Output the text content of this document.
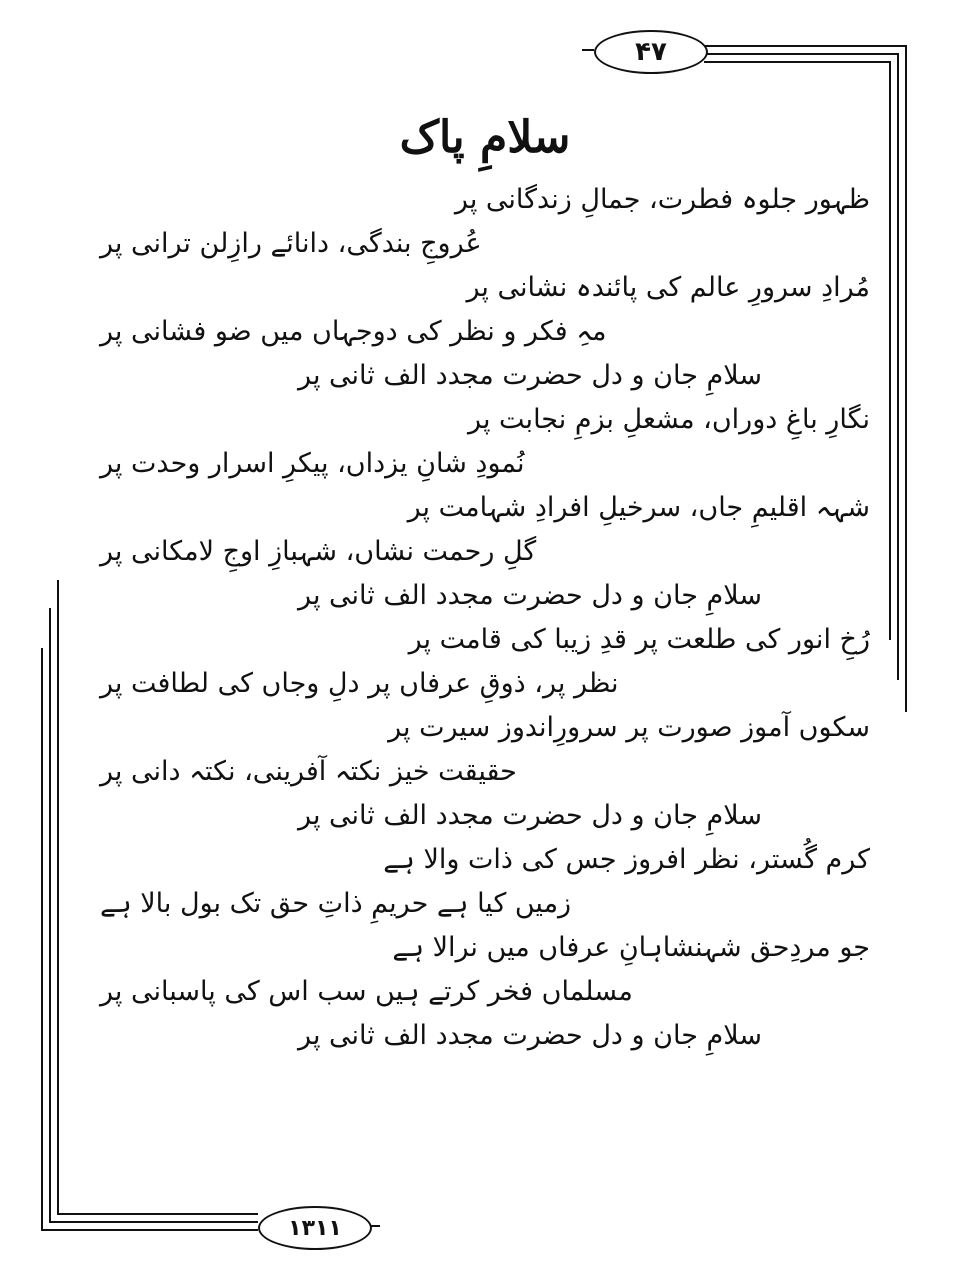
۴۷
۱۳۱۱
سلامِ پاک
ظہور جلوہ فطرت، جمالِ زندگانی پر
عُروجِ بندگی، دانائے رازِلن ترانی پر
مُرادِ سرورِ عالم کی پائندہ نشانی پر
مہِ فکر و نظر کی دوجہاں میں ضو فشانی پر
سلامِ جان و دل حضرت مجدد الف ثانی پر
نگارِ باغِ دوراں، مشعلِ بزمِ نجابت پر
نُمودِ شانِ یزداں، پیکرِ اسرار وحدت پر
شہہ اقلیمِ جاں، سرخیلِ افرادِ شہامت پر
گلِ رحمت نشاں، شہبازِ اوجِ لامکانی پر
سلامِ جان و دل حضرت مجدد الف ثانی پر
رُخِ انور کی طلعت پر قدِ زیبا کی قامت پر
نظر پر، ذوقِ عرفاں پر دلِ وجاں کی لطافت پر
سکوں آموز صورت پر سرورِاندوز سیرت پر
حقیقت خیز نکتہ آفرینی، نکتہ دانی پر
سلامِ جان و دل حضرت مجدد الف ثانی پر
کرم گُستر، نظر افروز جس کی ذات والا ہے
زمیں کیا ہے حریمِ ذاتِ حق تک بول بالا ہے
جو مردِحق شہنشاہانِ عرفاں میں نرالا ہے
مسلماں فخر کرتے ہیں سب اس کی پاسبانی پر
سلامِ جان و دل حضرت مجدد الف ثانی پر
